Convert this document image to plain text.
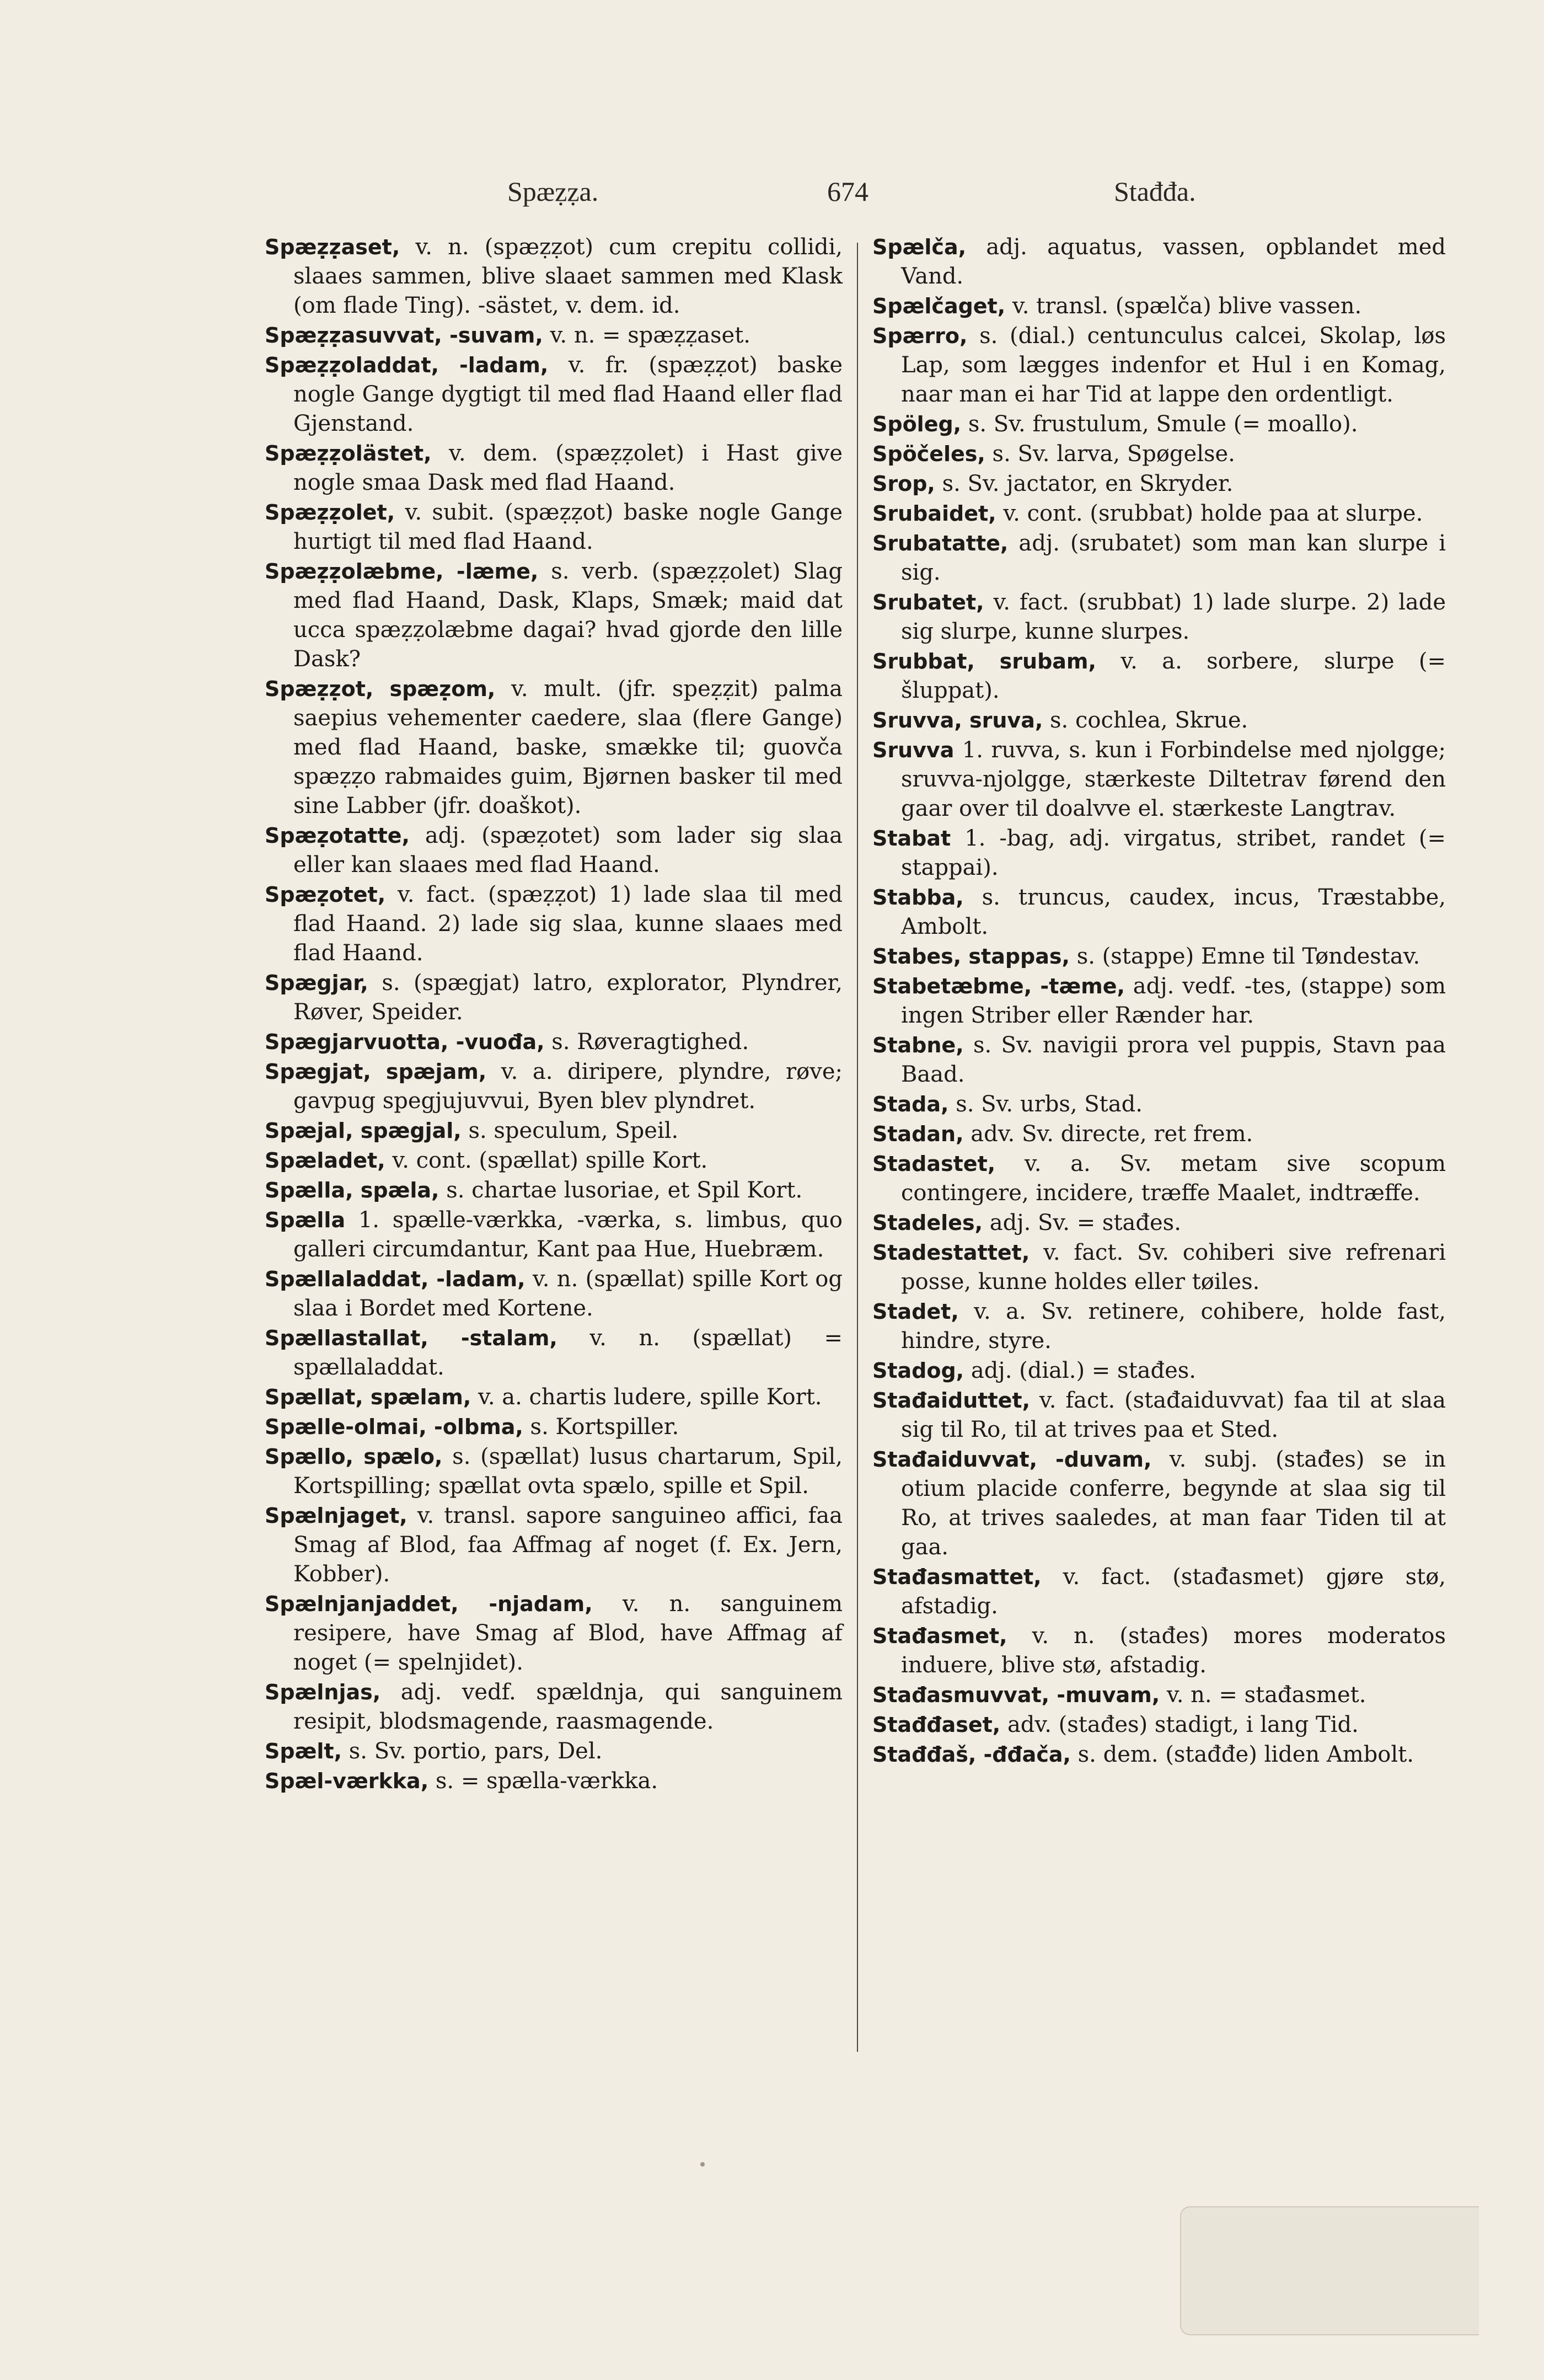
Spæẓẓa.	674	Stađđa.

Spæẓẓaset, v. n. (spæẓẓot) cum crepitu collidi, slaaes sammen, blive slaaet sammen med Klask (om flade Ting). -sästet, v. dem. id.

Spæẓẓasuvvat, -suvam, v. n. = spæẓẓaset.

Spæẓẓoladdat, -ladam, v. fr. (spæẓẓot) baske nogle Gange dygtigt til med flad Haand eller flad Gjenstand.

Spæẓẓolästet, v. dem. (spæẓẓolet) i Hast give nogle smaa Dask med flad Haand.

Spæẓẓolet, v. subit. (spæẓẓot) baske nogle Gange hurtigt til med flad Haand.

Spæẓẓolæbme, -læme, s. verb. (spæẓẓolet) Slag med flad Haand, Dask, Klaps, Smæk; maid dat ucca spæẓẓolæbme dagai? hvad gjorde den lille Dask?

Spæẓẓot, spæẓom, v. mult. (jfr. speẓẓit) palma saepius vehementer caedere, slaa (flere Gange) med flad Haand, baske, smække til; guovča spæẓẓo rabmaides guim, Bjørnen basker til med sine Labber (jfr. doaškot).

Spæẓotatte, adj. (spæẓotet) som lader sig slaa eller kan slaaes med flad Haand.

Spæẓotet, v. fact. (spæẓẓot) 1) lade slaa til med flad Haand. 2) lade sig slaa, kunne slaaes med flad Haand.

Spægjar, s. (spægjat) latro, explorator, Plyndrer, Røver, Speider.

Spægjarvuotta, -vuođa, s. Røveragtighed.

Spægjat, spæjam, v. a. diripere, plyndre, røve; gavpug spegjujuvvui, Byen blev plyndret.

Spæjal, spægjal, s. speculum, Speil.

Spæladet, v. cont. (spællat) spille Kort.

Spælla, spæla, s. chartae lusoriae, et Spil Kort.

Spælla 1. spælle-værkka, -værka, s. limbus, quo galleri circumdantur, Kant paa Hue, Huebræm.

Spællaladdat, -ladam, v. n. (spællat) spille Kort og slaa i Bordet med Kortene.

Spællastallat, -stalam, v. n. (spællat) = spællaladdat.

Spællat, spælam, v. a. chartis ludere, spille Kort.

Spælle-olmai, -olbma, s. Kortspiller.

Spællo, spælo, s. (spællat) lusus chartarum, Spil, Kortspilling; spællat ovta spælo, spille et Spil.

Spælnjaget, v. transl. sapore sanguineo affici, faa Smag af Blod, faa Affmag af noget (f. Ex. Jern, Kobber).

Spælnjanjaddet, -njadam, v. n. sanguinem resipere, have Smag af Blod, have Affmag af noget (= spelnjidet).

Spælnjas, adj. vedf. spældnja, qui sanguinem resipit, blodsmagende, raasmagende.

Spælt, s. Sv. portio, pars, Del.

Spæl-værkka, s. = spælla-værkka.

Spælča, adj. aquatus, vassen, opblandet med Vand.

Spælčaget, v. transl. (spælča) blive vassen.

Spærro, s. (dial.) centunculus calcei, Skolap, løs Lap, som lægges indenfor et Hul i en Komag, naar man ei har Tid at lappe den ordentligt.

Spöleg, s. Sv. frustulum, Smule (= moallo).

Spöčeles, s. Sv. larva, Spøgelse.

Srop, s. Sv. jactator, en Skryder.

Srubaidet, v. cont. (srubbat) holde paa at slurpe.

Srubatatte, adj. (srubatet) som man kan slurpe i sig.

Srubatet, v. fact. (srubbat) 1) lade slurpe. 2) lade sig slurpe, kunne slurpes.

Srubbat, srubam, v. a. sorbere, slurpe (= šluppat).

Sruvva, sruva, s. cochlea, Skrue.

Sruvva 1. ruvva, s. kun i Forbindelse med njolgge; sruvva-njolgge, stærkeste Diltetrav førend den gaar over til doalvve el. stærkeste Langtrav.

Stabat 1. -bag, adj. virgatus, stribet, randet (= stappai).

Stabba, s. truncus, caudex, incus, Træstabbe, Ambolt.

Stabes, stappas, s. (stappe) Emne til Tøndestav.

Stabetæbme, -tæme, adj. vedf. -tes, (stappe) som ingen Striber eller Rænder har.

Stabne, s. Sv. navigii prora vel puppis, Stavn paa Baad.

Stada, s. Sv. urbs, Stad.

Stadan, adv. Sv. directe, ret frem.

Stadastet, v. a. Sv. metam sive scopum contingere, incidere, træffe Maalet, indtræffe.

Stadeles, adj. Sv. = stađes.

Stadestattet, v. fact. Sv. cohiberi sive refrenari posse, kunne holdes eller tøiles.

Stadet, v. a. Sv. retinere, cohibere, holde fast, hindre, styre.

Stadog, adj. (dial.) = stađes.

Stađaiduttet, v. fact. (stađaiduvvat) faa til at slaa sig til Ro, til at trives paa et Sted.

Stađaiduvvat, -duvam, v. subj. (stađes) se in otium placide conferre, begynde at slaa sig til Ro, at trives saaledes, at man faar Tiden til at gaa.

Stađasmattet, v. fact. (stađasmet) gjøre stø, afstadig.

Stađasmet, v. n. (stađes) mores moderatos induere, blive stø, afstadig.

Stađasmuvvat, -muvam, v. n. = stađasmet.

Stađđaset, adv. (stađes) stadigt, i lang Tid.

Stađđaš, -đđača, s. dem. (stađđe) liden Ambolt.
